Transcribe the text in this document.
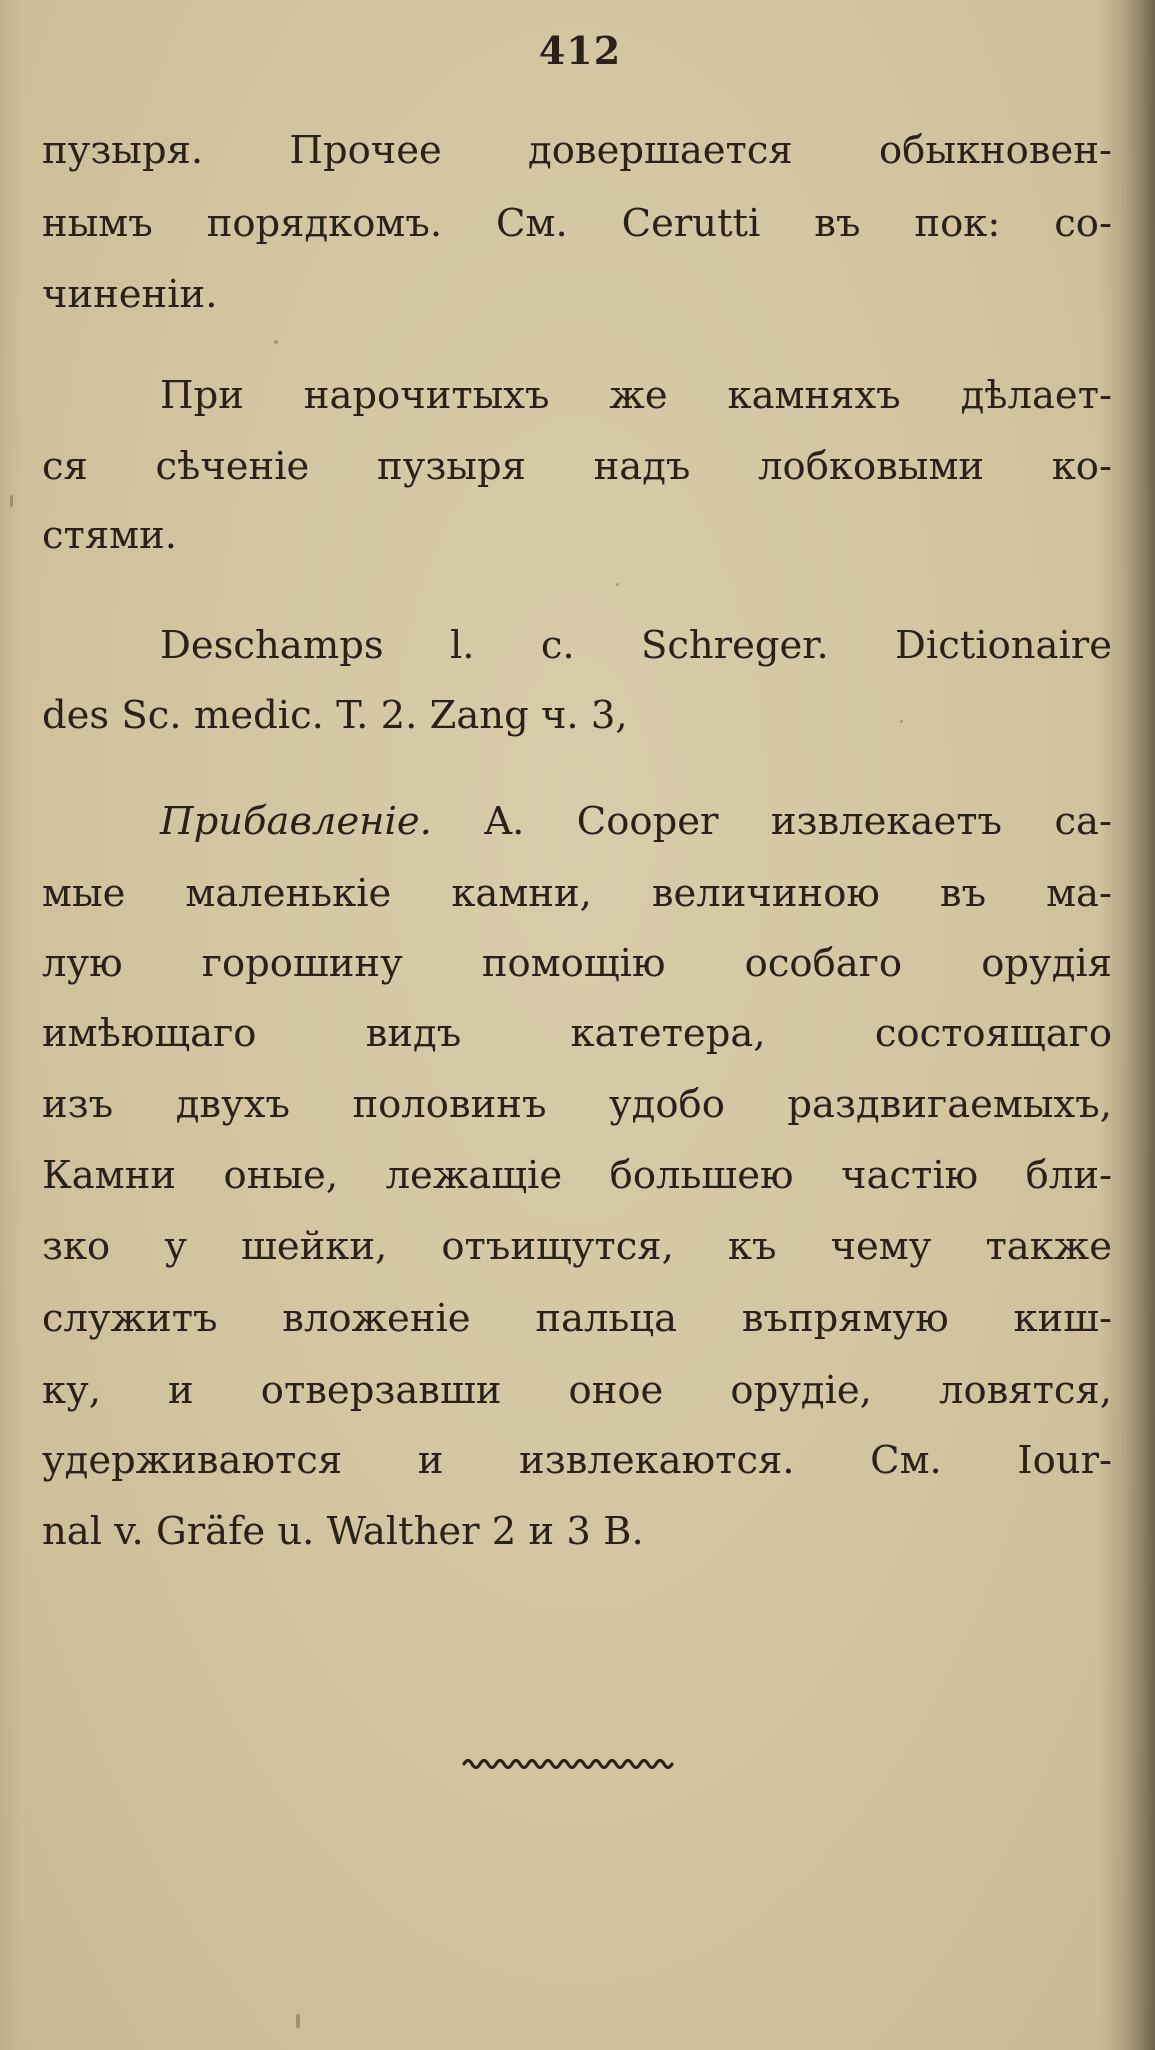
412
пузыря. Прочее довершается обыкновен-
нымъ порядкомъ. См. Cerutti въ пок: со-
чиненіи.
При нарочитыхъ же камняхъ дѣлает-
ся сѣченіе пузыря надъ лобковыми ко-
стями.
Deschamps l. c. Schreger. Dictionaire
des Sc. medic. T. 2. Zang ч. 3,
Прибавленіе. A. Cooper извлекаетъ са-
мые маленькіе камни, величиною въ ма-
лую горошину помощію особаго орудія
имѣющаго видъ катетера, состоящаго
изъ двухъ половинъ удобо раздвигаемыхъ,
Камни оные, лежащіе большею частію бли-
зко у шейки, отъищутся, къ чему также
служитъ вложеніе пальца въпрямую киш-
ку, и отверзавши оное орудіе, ловятся,
удерживаются и извлекаются. См. Iour-
nal v. Gräfe u. Walther 2 и 3 B.
